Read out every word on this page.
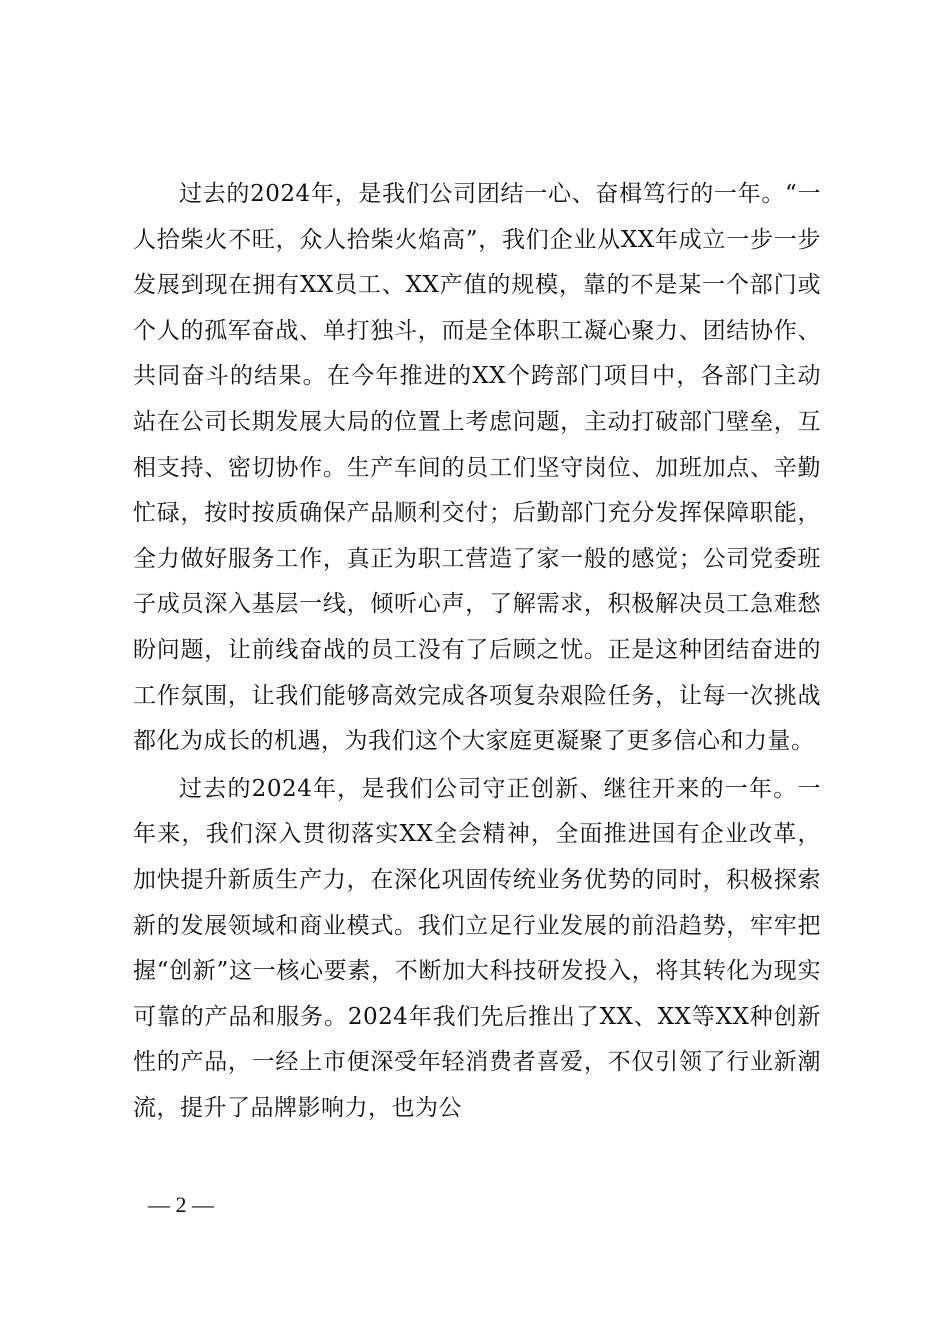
过去的2024年，是我们公司团结一心、奋楫笃行的一年。“一人拾柴火不旺，众人拾柴火焰高”，我们企业从XX年成立一步一步发展到现在拥有XX员工、XX产值的规模，靠的不是某一个部门或个人的孤军奋战、单打独斗，而是全体职工凝心聚力、团结协作、共同奋斗的结果。在今年推进的XX个跨部门项目中，各部门主动站在公司长期发展大局的位置上考虑问题，主动打破部门壁垒，互相支持、密切协作。生产车间的员工们坚守岗位、加班加点、辛勤忙碌，按时按质确保产品顺利交付；后勤部门充分发挥保障职能，全力做好服务工作，真正为职工营造了家一般的感觉；公司党委班子成员深入基层一线，倾听心声，了解需求，积极解决员工急难愁盼问题，让前线奋战的员工没有了后顾之忧。正是这种团结奋进的工作氛围，让我们能够高效完成各项复杂艰险任务，让每一次挑战都化为成长的机遇，为我们这个大家庭更凝聚了更多信心和力量。

过去的2024年，是我们公司守正创新、继往开来的一年。一年来，我们深入贯彻落实XX全会精神，全面推进国有企业改革，加快提升新质生产力，在深化巩固传统业务优势的同时，积极探索新的发展领域和商业模式。我们立足行业发展的前沿趋势，牢牢把握“创新”这一核心要素，不断加大科技研发投入，将其转化为现实可靠的产品和服务。2024年我们先后推出了XX、XX等XX种创新性的产品，一经上市便深受年轻消费者喜爱，不仅引领了行业新潮流，提升了品牌影响力，也为公

— 2 —
